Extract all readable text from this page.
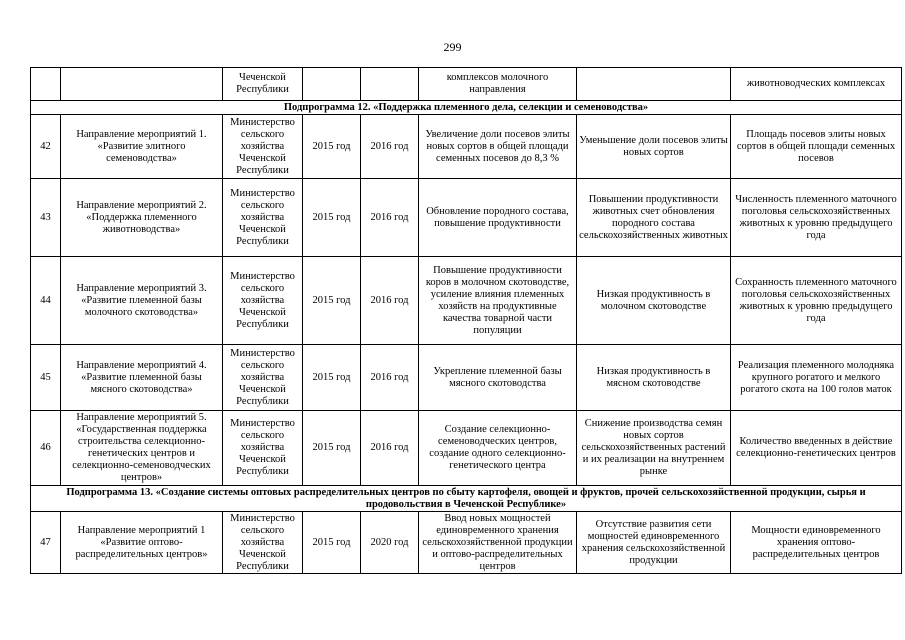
299
		Чеченской Республики			комплексов молочного направления		животноводческих комплексах
Подпрограмма 12. «Поддержка племенного дела, селекции и семеноводства»							
42	Направление мероприятий 1. «Развитие элитного семеноводства»	Министерство сельского хозяйства Чеченской Республики	2015 год	2016 год	Увеличение доли посевов элиты новых сортов в общей площади семенных посевов до 8,3 %	Уменьшение доли посевов элиты новых сортов	Площадь посевов элиты новых сортов в общей площади семенных посевов
43	Направление мероприятий 2. «Поддержка племенного животноводства»	Министерство сельского хозяйства Чеченской Республики	2015 год	2016 год	Обновление породного состава, повышение продуктивности	Повышении продуктивности животных счет обновления породного состава сельскохозяйственных животных	Численность племенного маточного поголовья сельскохозяйственных животных к уровню предыдущего года
44	Направление мероприятий 3. «Развитие племенной базы молочного скотоводства»	Министерство сельского хозяйства Чеченской Республики	2015 год	2016 год	Повышение продуктивности коров в молочном скотоводстве, усиление влияния племенных хозяйств на продуктивные качества товарной части популяции	Низкая продуктивность в молочном скотоводстве	Сохранность племенного маточного поголовья сельскохозяйственных животных к уровню предыдущего года
45	Направление мероприятий 4. «Развитие племенной базы мясного скотоводства»	Министерство сельского хозяйства Чеченской Республики	2015 год	2016 год	Укрепление племенной базы мясного скотоводства	Низкая продуктивность в мясном скотоводстве	Реализация племенного молодняка крупного рогатого и мелкого рогатого скота на 100 голов маток
46	Направление мероприятий 5. «Государственная поддержка строительства селекционно-генетических центров и селекционно-семеноводческих центров»	Министерство сельского хозяйства Чеченской Республики	2015 год	2016 год	Создание селекционно-семеноводческих центров, создание одного селекционно- генетического центра	Снижение производства семян новых сортов сельскохозяйственных растений и их реализации на внутреннем рынке	Количество введенных в действие селекционно-генетических центров
Подпрограмма 13. «Создание системы оптовых распределительных центров по сбыту картофеля, овощей и фруктов, прочей сельскохозяйственной продукции, сырья и продовольствия в Чеченской Республике»							
47	Направление мероприятий 1 «Развитие оптово-распределительных центров»	Министерство сельского хозяйства Чеченской Республики	2015 год	2020 год	Ввод новых мощностей единовременного хранения сельскохозяйственной продукции и оптово-распределительных центров	Отсутствие развития сети мощностей единовременного хранения сельскохозяйственной продукции	Мощности единовременного хранения оптово-распределительных центров
